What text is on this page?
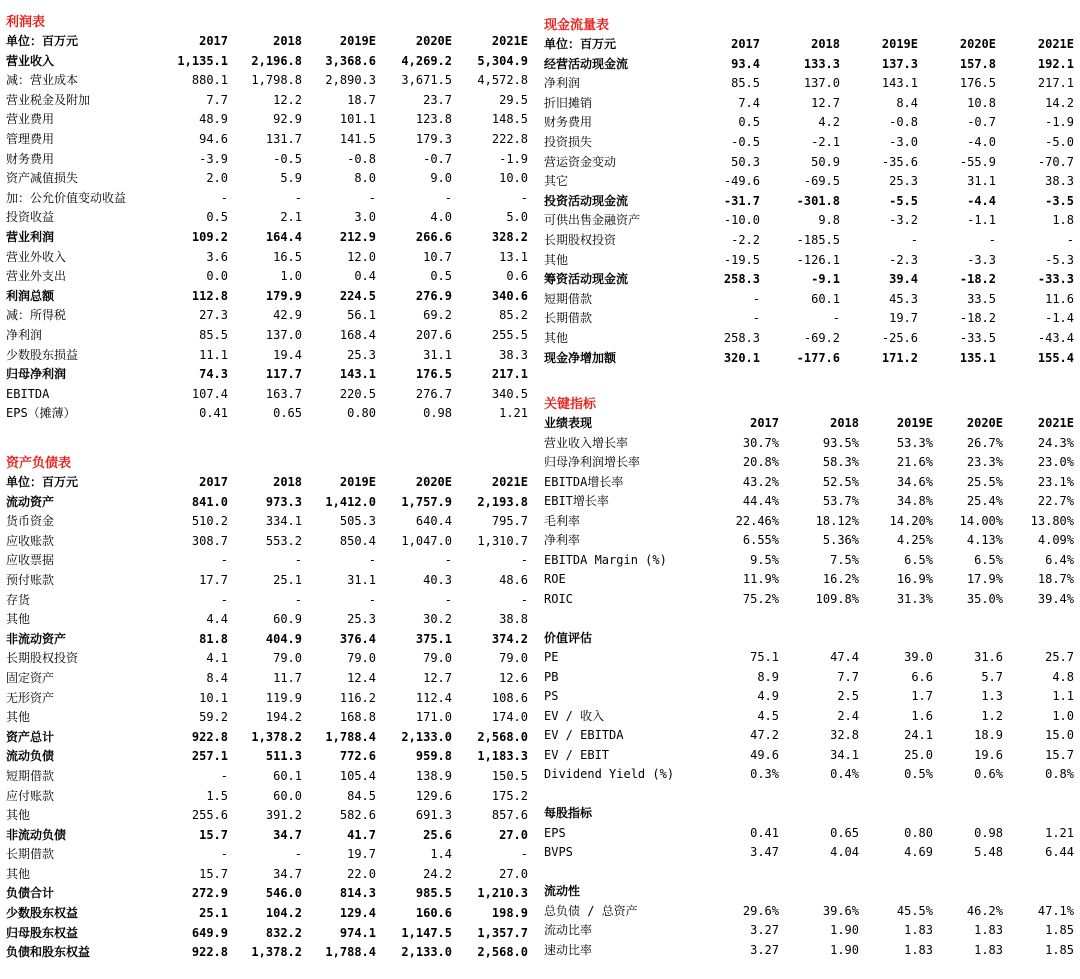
利润表
单位：百万元	2017	2018	2019E	2020E	2021E
营业收入	1,135.1	2,196.8	3,368.6	4,269.2	5,304.9
减：营业成本	880.1	1,798.8	2,890.3	3,671.5	4,572.8
营业税金及附加	7.7	12.2	18.7	23.7	29.5
营业费用	48.9	92.9	101.1	123.8	148.5
管理费用	94.6	131.7	141.5	179.3	222.8
财务费用	-3.9	-0.5	-0.8	-0.7	-1.9
资产减值损失	2.0	5.9	8.0	9.0	10.0
加：公允价值变动收益	-	-	-	-	-
投资收益	0.5	2.1	3.0	4.0	5.0
营业利润	109.2	164.4	212.9	266.6	328.2
营业外收入	3.6	16.5	12.0	10.7	13.1
营业外支出	0.0	1.0	0.4	0.5	0.6
利润总额	112.8	179.9	224.5	276.9	340.6
减：所得税	27.3	42.9	56.1	69.2	85.2
净利润	85.5	137.0	168.4	207.6	255.5
少数股东损益	11.1	19.4	25.3	31.1	38.3
归母净利润	74.3	117.7	143.1	176.5	217.1
EBITDA	107.4	163.7	220.5	276.7	340.5
EPS（摊薄）	0.41	0.65	0.80	0.98	1.21
资产负债表
单位：百万元	2017	2018	2019E	2020E	2021E
流动资产	841.0	973.3	1,412.0	1,757.9	2,193.8
货币资金	510.2	334.1	505.3	640.4	795.7
应收账款	308.7	553.2	850.4	1,047.0	1,310.7
应收票据	-	-	-	-	-
预付账款	17.7	25.1	31.1	40.3	48.6
存货	-	-	-	-	-
其他	4.4	60.9	25.3	30.2	38.8
非流动资产	81.8	404.9	376.4	375.1	374.2
长期股权投资	4.1	79.0	79.0	79.0	79.0
固定资产	8.4	11.7	12.4	12.7	12.6
无形资产	10.1	119.9	116.2	112.4	108.6
其他	59.2	194.2	168.8	171.0	174.0
资产总计	922.8	1,378.2	1,788.4	2,133.0	2,568.0
流动负债	257.1	511.3	772.6	959.8	1,183.3
短期借款	-	60.1	105.4	138.9	150.5
应付账款	1.5	60.0	84.5	129.6	175.2
其他	255.6	391.2	582.6	691.3	857.6
非流动负债	15.7	34.7	41.7	25.6	27.0
长期借款	-	-	19.7	1.4	-
其他	15.7	34.7	22.0	24.2	27.0
负债合计	272.9	546.0	814.3	985.5	1,210.3
少数股东权益	25.1	104.2	129.4	160.6	198.9
归母股东权益	649.9	832.2	974.1	1,147.5	1,357.7
负债和股东权益	922.8	1,378.2	1,788.4	2,133.0	2,568.0
现金流量表
单位：百万元	2017	2018	2019E	2020E	2021E
经营活动现金流	93.4	133.3	137.3	157.8	192.1
净利润	85.5	137.0	143.1	176.5	217.1
折旧摊销	7.4	12.7	8.4	10.8	14.2
财务费用	0.5	4.2	-0.8	-0.7	-1.9
投资损失	-0.5	-2.1	-3.0	-4.0	-5.0
营运资金变动	50.3	50.9	-35.6	-55.9	-70.7
其它	-49.6	-69.5	25.3	31.1	38.3
投资活动现金流	-31.7	-301.8	-5.5	-4.4	-3.5
可供出售金融资产	-10.0	9.8	-3.2	-1.1	1.8
长期股权投资	-2.2	-185.5	-	-	-
其他	-19.5	-126.1	-2.3	-3.3	-5.3
筹资活动现金流	258.3	-9.1	39.4	-18.2	-33.3
短期借款	-	60.1	45.3	33.5	11.6
长期借款	-	-	19.7	-18.2	-1.4
其他	258.3	-69.2	-25.6	-33.5	-43.4
现金净增加额	320.1	-177.6	171.2	135.1	155.4
关键指标
业绩表现	2017	2018	2019E	2020E	2021E
营业收入增长率	30.7%	93.5%	53.3%	26.7%	24.3%
归母净利润增长率	20.8%	58.3%	21.6%	23.3%	23.0%
EBITDA增长率	43.2%	52.5%	34.6%	25.5%	23.1%
EBIT增长率	44.4%	53.7%	34.8%	25.4%	22.7%
毛利率	22.46%	18.12%	14.20%	14.00%	13.80%
净利率	6.55%	5.36%	4.25%	4.13%	4.09%
EBITDA Margin (%)	9.5%	7.5%	6.5%	6.5%	6.4%
ROE	11.9%	16.2%	16.9%	17.9%	18.7%
ROIC	75.2%	109.8%	31.3%	35.0%	39.4%

价值评估					
PE	75.1	47.4	39.0	31.6	25.7
PB	8.9	7.7	6.6	5.7	4.8
PS	4.9	2.5	1.7	1.3	1.1
EV / 收入	4.5	2.4	1.6	1.2	1.0
EV / EBITDA	47.2	32.8	24.1	18.9	15.0
EV / EBIT	49.6	34.1	25.0	19.6	15.7
Dividend Yield (%)	0.3%	0.4%	0.5%	0.6%	0.8%

每股指标					
EPS	0.41	0.65	0.80	0.98	1.21
BVPS	3.47	4.04	4.69	5.48	6.44

流动性					
总负债 / 总资产	29.6%	39.6%	45.5%	46.2%	47.1%
流动比率	3.27	1.90	1.83	1.83	1.85
速动比率	3.27	1.90	1.83	1.83	1.85
